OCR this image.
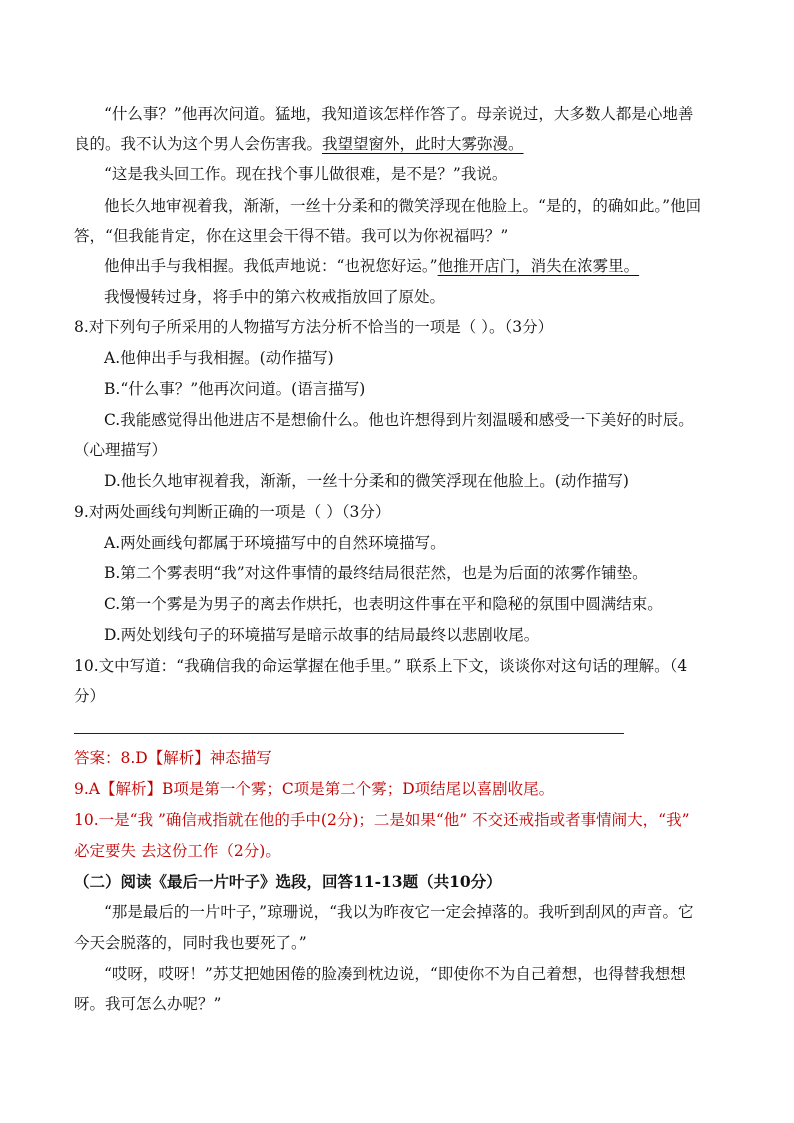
“什么事？”他再次问道。猛地，我知道该怎样作答了。母亲说过，大多数人都是心地善

良的。我不认为这个男人会伤害我。我望望窗外，此时大雾弥漫。

“这是我头回工作。现在找个事儿做很难，是不是？”我说。

他长久地审视着我，渐渐，一丝十分柔和的微笑浮现在他脸上。“是的，的确如此。”他回

答，“但我能肯定，你在这里会干得不错。我可以为你祝福吗？”

他伸出手与我相握。我低声地说：“也祝您好运。”他推开店门，消失在浓雾里。

我慢慢转过身，将手中的第六枚戒指放回了原处。

8.对下列句子所采用的人物描写方法分析不恰当的一项是（ ）。（3分）

A.他伸出手与我相握。(动作描写)

B.“什么事？”他再次问道。(语言描写)

C.我能感觉得出他进店不是想偷什么。他也许想得到片刻温暖和感受一下美好的时辰。

（心理描写）

D.他长久地审视着我，渐渐，一丝十分柔和的微笑浮现在他脸上。(动作描写)

9.对两处画线句判断正确的一项是（ ）（3分）

A.两处画线句都属于环境描写中的自然环境描写。

B.第二个雾表明“我”对这件事情的最终结局很茫然，也是为后面的浓雾作铺垫。

C.第一个雾是为男子的离去作烘托，也表明这件事在平和隐秘的氛围中圆满结束。

D.两处划线句子的环境描写是暗示故事的结局最终以悲剧收尾。

10.文中写道：“我确信我的命运掌握在他手里。” 联系上下文，谈谈你对这句话的理解。（4

分）

答案：8.D【解析】神态描写

9.A【解析】B项是第一个雾；C项是第二个雾；D项结尾以喜剧收尾。

10.一是“我 ”确信戒指就在他的手中(2分)；二是如果“他” 不交还戒指或者事情闹大，“我”

必定要失 去这份工作（2分)。

（二）阅读《最后一片叶子》选段，回答11-13题（共10分）

“那是最后的一片叶子，”琼珊说，“我以为昨夜它一定会掉落的。我听到刮风的声音。它

今天会脱落的，同时我也要死了。”

“哎呀，哎呀！”苏艾把她困倦的脸凑到枕边说，“即使你不为自己着想，也得替我想想

呀。我可怎么办呢？”
